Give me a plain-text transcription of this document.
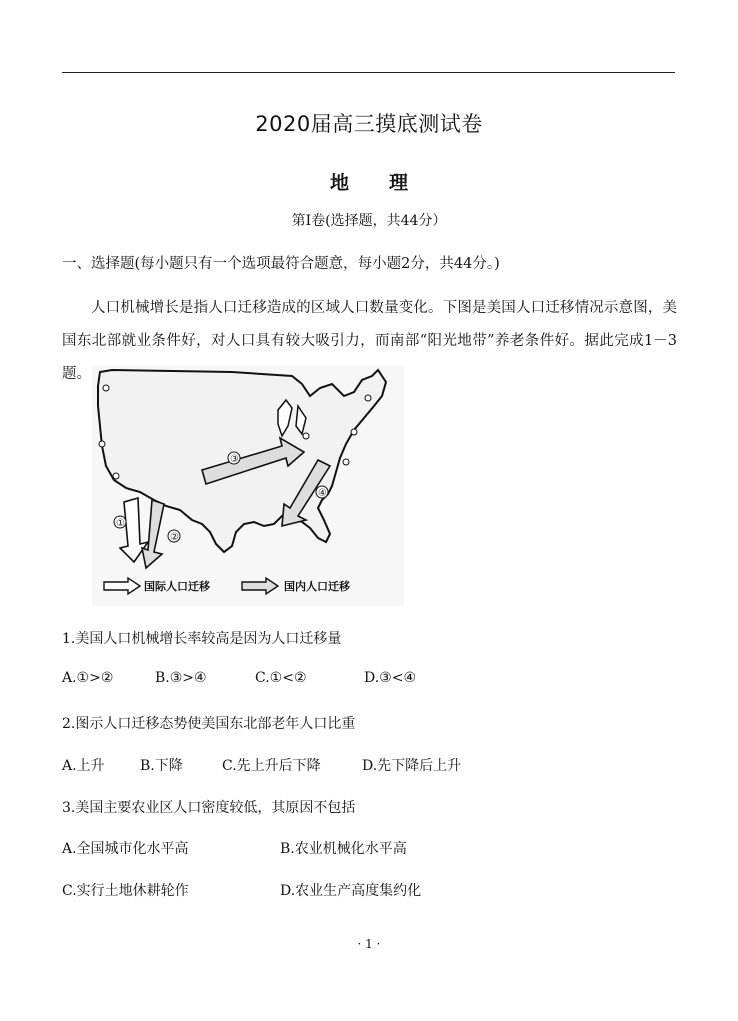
2020届高三摸底测试卷
地理
第Ⅰ卷(选择题，共44分）
一、选择题(每小题只有一个选项最符合题意，每小题2分，共44分。)
人口机械增长是指人口迁移造成的区域人口数量变化。下图是美国人口迁移情况示意图，美国东北部就业条件好，对人口具有较大吸引力，而南部“阳光地带”养老条件好。据此完成1－3题。
①
②
③
④
国际人口迁移	国内人口迁移
1.美国人口机械增长率较高是因为人口迁移量
A.①>②	B.③>④	C.①<②	D.③<④
2.图示人口迁移态势使美国东北部老年人口比重
A.上升	B.下降	C.先上升后下降	D.先下降后上升
3.美国主要农业区人口密度较低，其原因不包括
A.全国城市化水平高	B.农业机械化水平高
C.实行土地休耕轮作	D.农业生产高度集约化
· 1 ·
